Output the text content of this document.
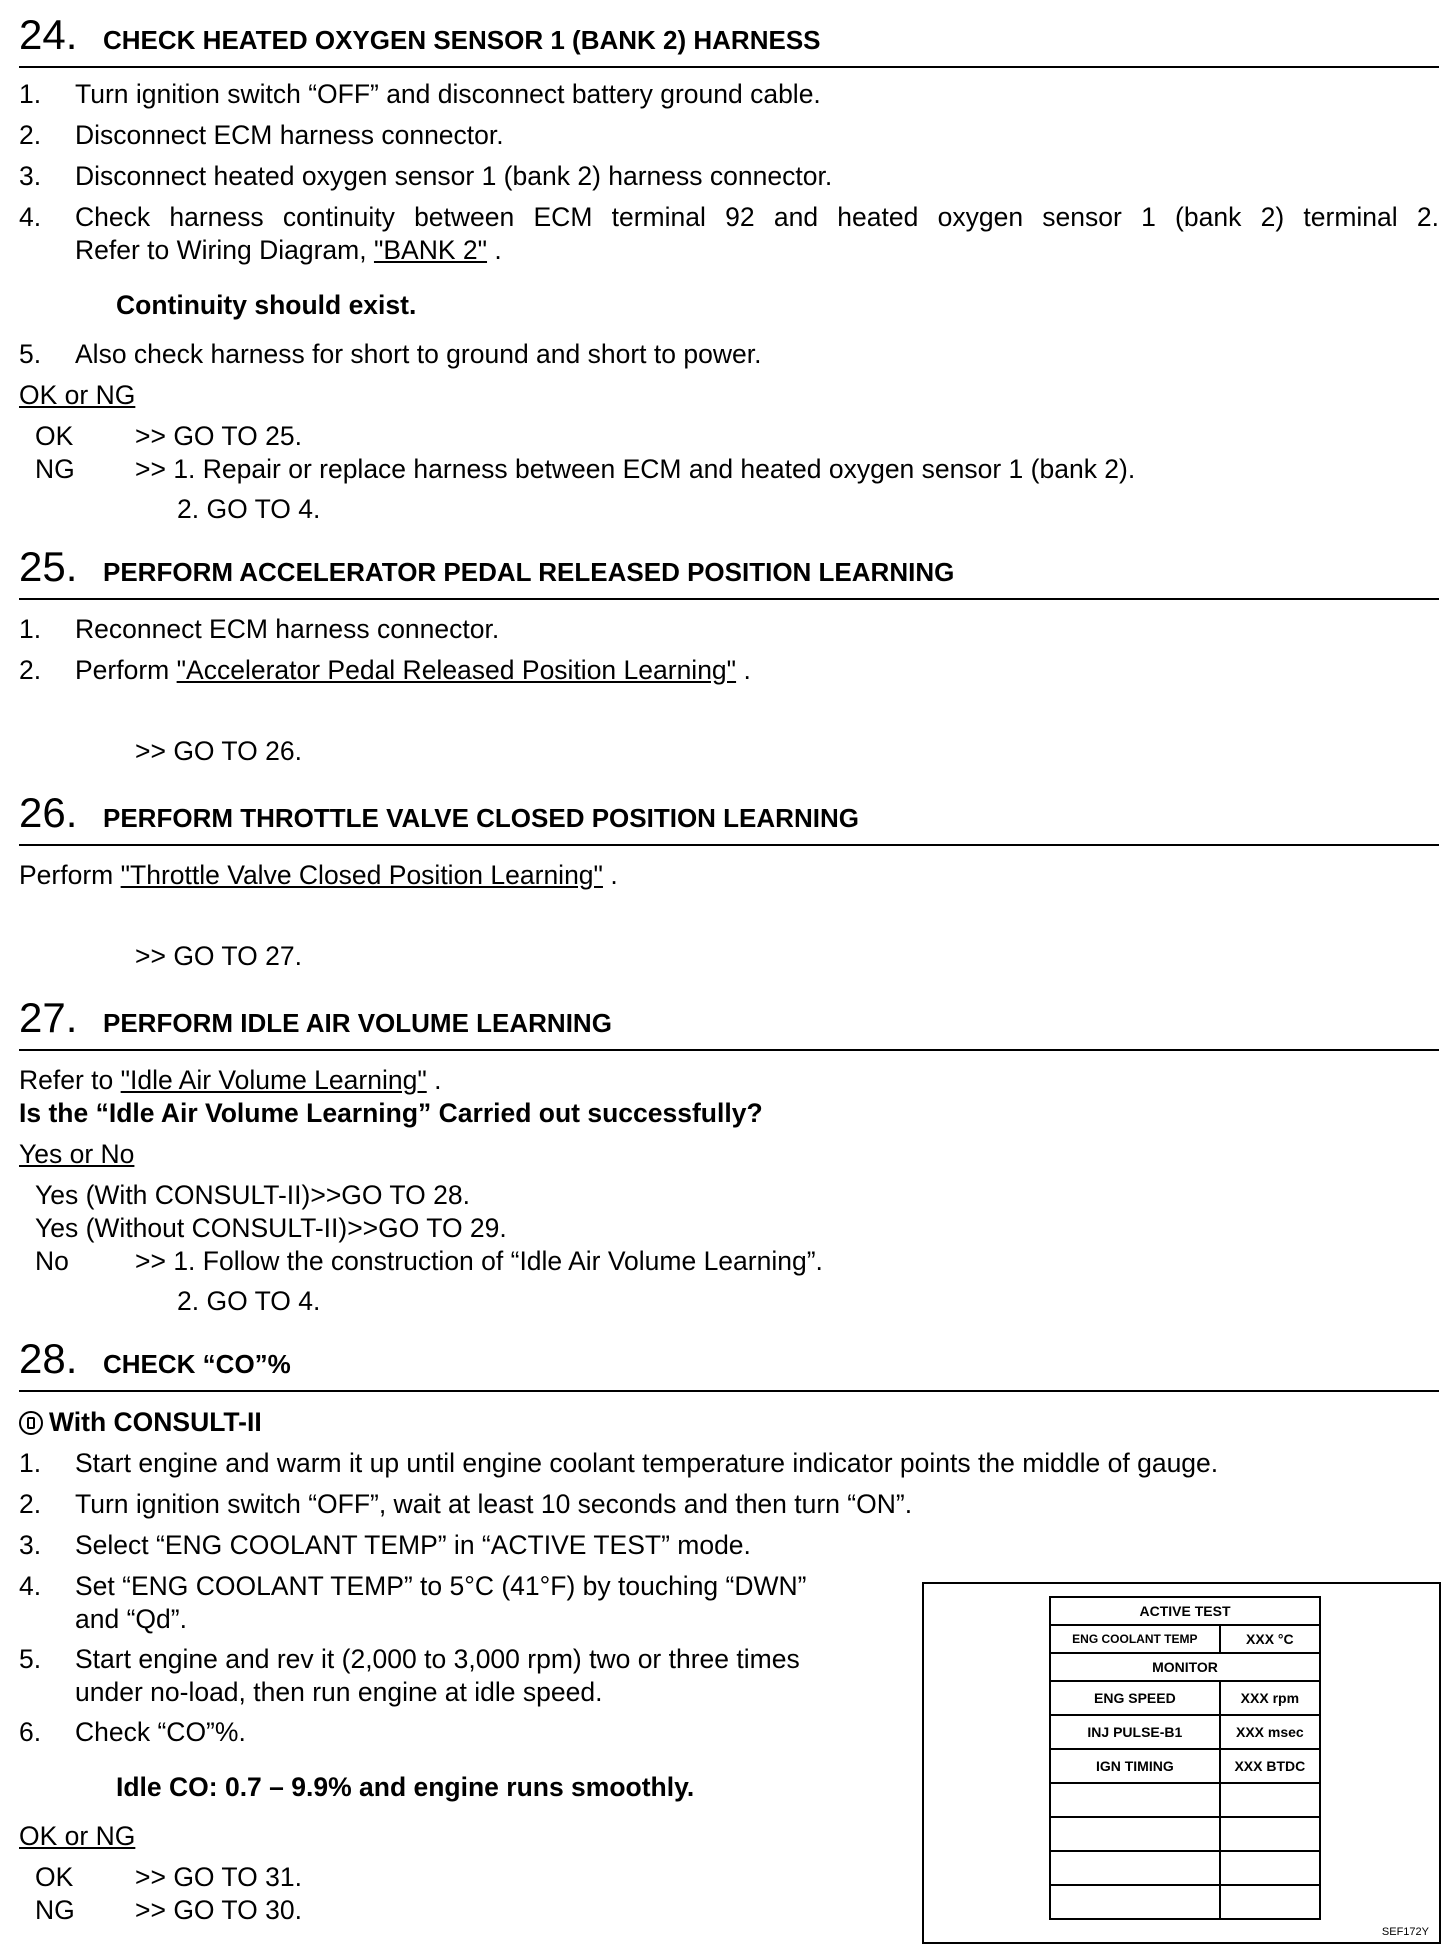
24. CHECK HEATED OXYGEN SENSOR 1 (BANK 2) HARNESS
1.	Turn ignition switch “OFF” and disconnect battery ground cable.
2.	Disconnect ECM harness connector.
3.	Disconnect heated oxygen sensor 1 (bank 2) harness connector.
4.	Check harness continuity between ECM terminal 92 and heated oxygen sensor 1 (bank 2) terminal 2.
Refer to Wiring Diagram, "BANK 2" .
Continuity should exist.
5.	Also check harness for short to ground and short to power.
OK or NG
OK >> GO TO 25.
NG >> 1. Repair or replace harness between ECM and heated oxygen sensor 1 (bank 2).
2. GO TO 4.
25. PERFORM ACCELERATOR PEDAL RELEASED POSITION LEARNING
1.	Reconnect ECM harness connector.
2.	Perform "Accelerator Pedal Released Position Learning" .
>> GO TO 26.
26. PERFORM THROTTLE VALVE CLOSED POSITION LEARNING
Perform "Throttle Valve Closed Position Learning" .
>> GO TO 27.
27. PERFORM IDLE AIR VOLUME LEARNING
Refer to "Idle Air Volume Learning" .
Is the “Idle Air Volume Learning” Carried out successfully?
Yes or No
Yes (With CONSULT-II)>>GO TO 28.
Yes (Without CONSULT-II)>>GO TO 29.
No >> 1. Follow the construction of “Idle Air Volume Learning”.
2. GO TO 4.
28. CHECK “CO”%
With CONSULT-II
1.	Start engine and warm it up until engine coolant temperature indicator points the middle of gauge.
2.	Turn ignition switch “OFF”, wait at least 10 seconds and then turn “ON”.
3.	Select “ENG COOLANT TEMP” in “ACTIVE TEST” mode.
4.	Set “ENG COOLANT TEMP” to 5°C (41°F) by touching “DWN”
and “Qd”.
5.	Start engine and rev it (2,000 to 3,000 rpm) two or three times
under no-load, then run engine at idle speed.
6.	Check “CO”%.
Idle CO: 0.7 – 9.9% and engine runs smoothly.
OK or NG
OK >> GO TO 31.
NG >> GO TO 30.
ACTIVE TEST	
ENG COOLANT TEMP	XXX °C
MONITOR	
ENG SPEED	XXX rpm
INJ PULSE-B1	XXX msec
IGN TIMING	XXX BTDC

SEF172Y
